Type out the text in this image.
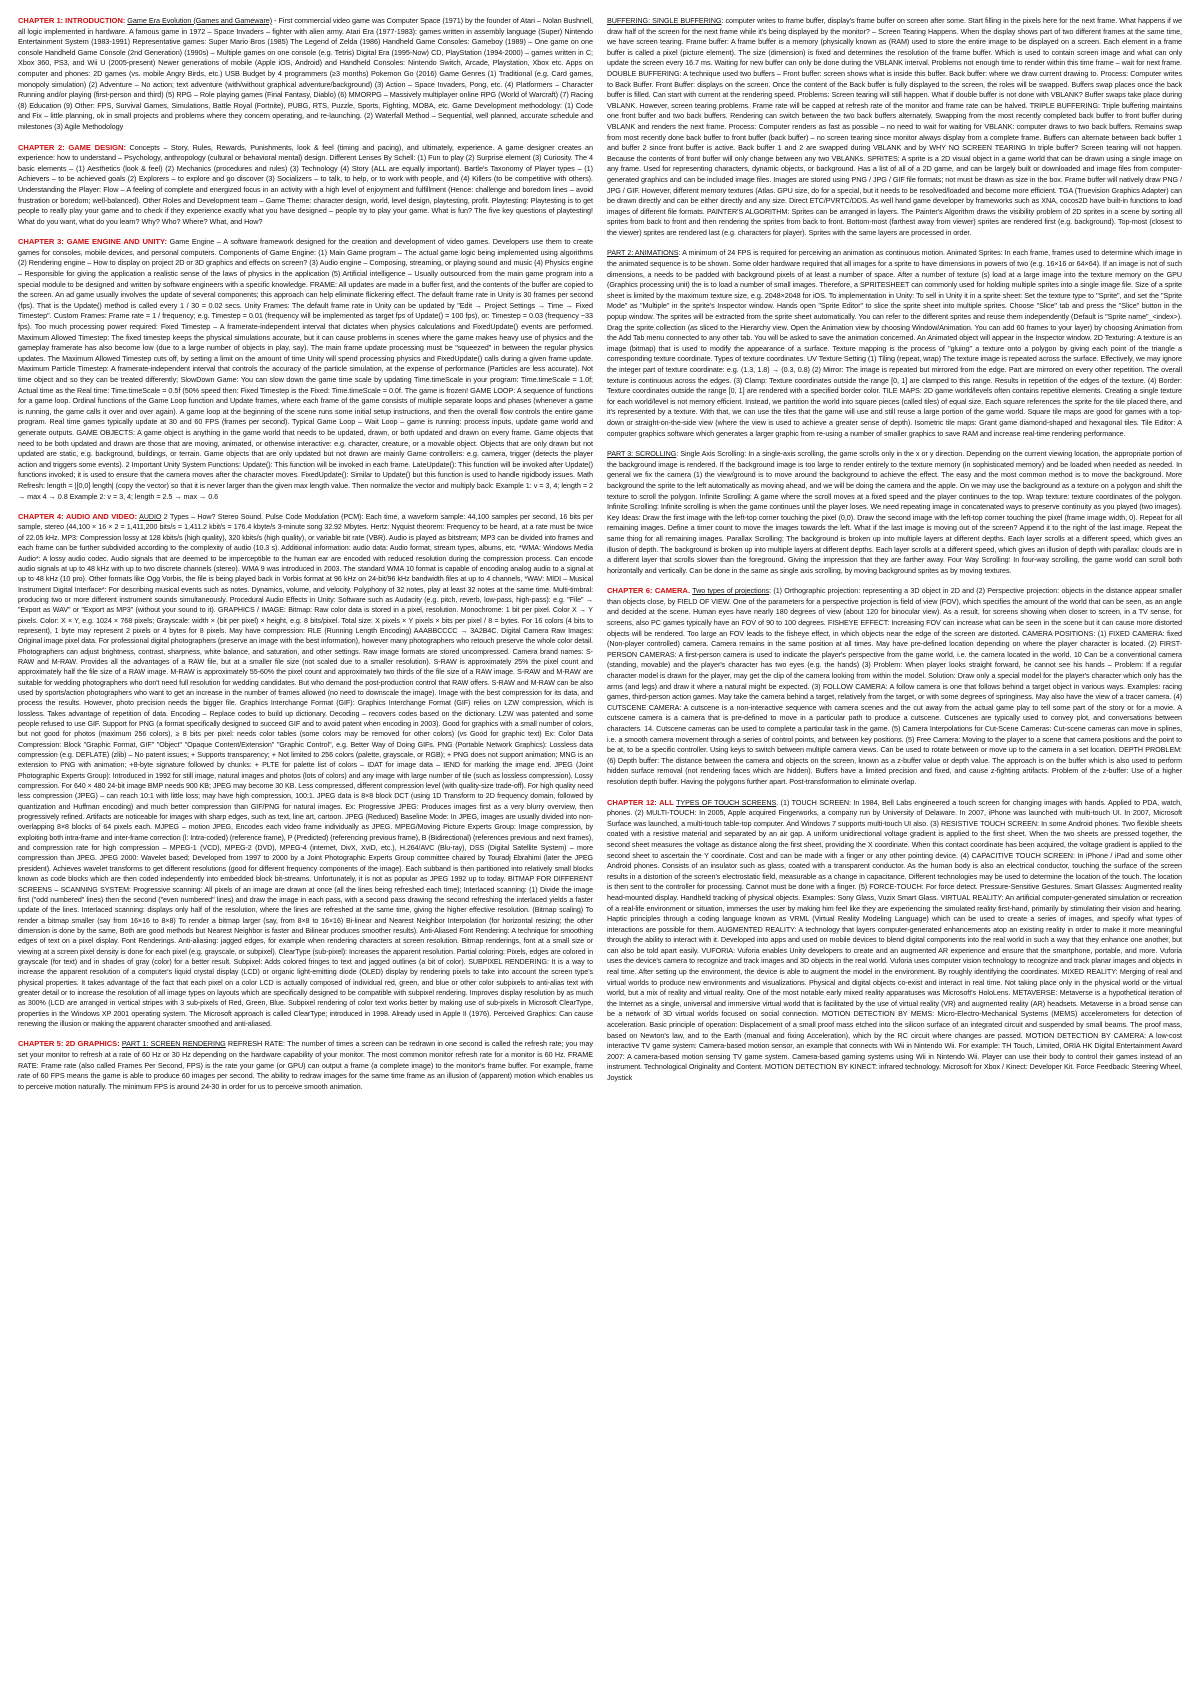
CHAPTER 1: INTRODUCTION: Game Era Evolution (Games and Gameware) - First commercial video game was Computer Space (1971) by the founder of Atari – Nolan Bushnell, all logic implemented in hardware. A famous game in 1972 – Space Invaders – fighter with alien army. Atari Era (1977-1983): games written in assembly language (Super) Nintendo Entertainment System (1983-1991) Representative games: Super Mario Bros (1985) The Legend of Zelda (1986) Handheld Game Consoles: Gameboy (1989) – One game on one console Handheld Game Console (2nd Generation) (1990s) – Multiple games on one console (e.g. Tetris) Digital Era (1995-Now) CD, PlayStation (1994-2000) – games written in C; Xbox 360, PS3, and Wii U (2005-present) Newer generations of mobile (Apple iOS, Android) and Handheld Consoles: Nintendo Switch, Arcade, Playstation, Xbox etc. Apps on computer and phones: 2D games (vs. mobile Angry Birds, etc.) USB Budget by 4 programmers (≥3 months) Pokemon Go (2016) Game Genres (1) Traditional (e.g. Card games, monopoly simulation) (2) Adventure – No action; text adventure (with/without graphical adventure/background) (3) Action – Space Invaders, Pong, etc. (4) Platformers – Character Running and/or playing (first-person and third) (5) RPG – Role playing games (Final Fantasy, Diablo) (6) MMORPG – Massively multiplayer online RPG (World of Warcraft) (7) Racing (8) Education (9) Other: FPS, Survival Games, Simulations, Battle Royal (Fortnite), PUBG, RTS, Puzzle, Sports, Fighting, MOBA, etc. Game Development methodology: (1) Code and Fix – little planning, ok in small projects and problems where they concern operating, and re-launching. (2) Waterfall Method – Sequential, well planned, accurate schedule and milestones (3) Agile Methodology

CHAPTER 2: GAME DESIGN: Concepts – Story, Rules, Rewards, Punishments, look & feel (timing and pacing), and ultimately, experience. A game designer creates an experience: how to understand – Psychology, anthropology (cultural or behavioral mental) design. Different Lenses By Schell: (1) Fun to play (2) Surprise element (3) Curiosity. The 4 basic elements – (1) Aesthetics (look & feel) (2) Mechanics (procedures and rules) (3) Technology (4) Story (ALL are equally important). Bartle's Taxonomy of Player types – (1) Achievers – to be achieved goals (2) Explorers – to explore and go discover (3) Socializers – to talk, to help, or to work with people, and (4) Killers (to be competitive with others). Understanding the Player: Flow – A feeling of complete and energized focus in an activity with a high level of enjoyment and fulfillment (Hence: challenge and boredom lines – avoid frustration or boredom; well-balanced). Other Roles and Development team – Game Theme: character design, world, level design, playtesting, profit. Playtesting: Playtesting is to get people to really play your game and to check if they experience exactly what you have designed – people try to play your game. What is fun? The five key questions of playtesting! What do you want, what do you learn? Why? Who? Where? What, and How?

CHAPTER 3: GAME ENGINE AND UNITY: Game Engine – A software framework designed for the creation and development of video games. Developers use them to create games for consoles, mobile devices, and personal computers. Components of Game Engine: (1) Main Game program – The actual game logic being implemented using algorithms (2) Rendering engine – How to display on project 2D or 3D graphics and effects on screen? (3) Audio engine – Composing, streaming, or playing sound and music (4) Physics engine – Responsible for giving the application a realistic sense of the laws of physics in the application (5) Artificial intelligence – Usually outsourced from the main game program into a special module to be designed and written by software engineers with a specific knowledge. FRAME: All updates are made in a buffer first, and the contents of the buffer are copied to the screen. An ad game usually involves the update of several components; this approach can help eliminate flickering effect. The default frame rate in Unity is 30 frames per second (fps). That is the Update() method is called every 1 / 30 = 0.02 secs. Unity Frames: The default frame rate in Unity can be updated by "Edit → Project Settings → Time → Fixed Timestep". Custom Frames: Frame rate = 1 / frequency; e.g. Timestep = 0.01 (frequency will be implemented as target fps of Update() = 100 fps), or: Timestep = 0.03 (frequency ~33 fps). Too much processing power required: Fixed Timestep – A framerate-independent interval that dictates when physics calculations and FixedUpdate() events are performed. Maximum Allowed Timestep: The fixed timestep keeps the physical simulations accurate, but it can cause problems in scenes where the game makes heavy use of physics and the gameplay framerate has also become low (due to a large number of objects in play, say). The main frame update processing must be "squeezed" in between the regular physics updates. The Maximum Allowed Timestep cuts off, by setting a limit on the amount of time Unity will spend processing physics and FixedUpdate() calls during a given frame update. Maximum Particle Timestep: A framerate-independent interval that controls the accuracy of the particle simulation, at the expense of performance (Particles are less accurate). Not time object and so they can be treated differently; SlowDown Game: You can slow down the game time scale by updating Time.timeScale in your program: Time.timeScale = 1.0f; Actual time as the Real time: Time.timeScale = 0.5f (50% speed then: Fixed Timestep is the Fixed: Time.timeScale = 0.0f. The game is frozen! GAME LOOP: A sequence of functions for a game loop. Ordinal functions of the Game Loop function and Update frames, where each frame of the game consists of multiple separate loops and phases (whenever a game is running, the game calls it over and over again). A game loop at the beginning of the scene runs some initial setup instructions, and then the overall flow controls the entire game program. Real time games typically update at 30 and 60 FPS (frames per second). Typical Game Loop – Wait Loop – game is running: process inputs, update game world and generate outputs. GAME OBJECTS: A game object is anything in the game world that needs to be updated, drawn, or both updated and drawn on every frame. Game objects that need to be both updated and drawn are those that are moving, animated, or otherwise interactive: e.g. character, creature, or a movable object. Objects that are only drawn but not updated are static, e.g. background, buildings, or terrain. Game objects that are only updated but not drawn are mainly Game controllers: e.g. camera, trigger (detects the player action and triggers some events). 2 Important Unity System Functions: Update(): This function will be invoked in each frame. LateUpdate(): This function will be invoked after Update() functions invoked; it is used to ensure that the camera moves after the character moves. FixedUpdate(): Similar to Update() but this function is used to handle rigidbody issues. Math Refresh: length = |[0,0] length| (copy the vector) so that it is never larger than the given max length value. Then normalize the vector and multiply back: Example 1: v = 3, 4; length = 2 → max 4 → 0.8 Example 2: v = 3, 4; length = 2.5 → max → 0.6

CHAPTER 4: AUDIO AND VIDEO: AUDIO 2 Types – How? Stereo Sound. Pulse Code Modulation (PCM): Each time, a waveform sample: 44,100 samples per second, 16 bits per sample, stereo (44,100 × 16 × 2 = 1,411,200 bits/s = 1,411.2 kbit/s = 176.4 kbyte/s 3-minute song 32.92 Mbytes. Hertz: Nyquist theorem: Frequency to be heard, at a rate must be twice of 22.05 kHz. MP3: Compression lossy at 128 kbits/s (high quality), 320 kbits/s (high quality), or variable bit rate (VBR). Audio is played as bitstream; MP3 can be divided into frames and each frame can be further subdivided according to the complexity of audio (10.3 s). Additional information: audio data: Audio format, stream types, albums, etc. *WMA: Windows Media Audio*: A lossy audio codec. Audio signals that are deemed to be imperceptible to the human ear are encoded with reduced resolution during the compression process. Can encode audio signals at up to 48 kHz with up to two discrete channels (stereo). WMA 9 was introduced in 2003. The standard WMA 10 format is capable of encoding analog audio to a signal at up to 48 kHz (10 pro). Other formats like Ogg Vorbis, the file is being played back in Vorbis format at 96 kHz on 24-bit/96 kHz bandwidth files at up to 4 channels, *WAV: MIDI – Musical Instrument Digital Interface*: For describing musical events such as notes. Dynamics, volume, and velocity. Polyphony of 32 notes, play at least 32 notes at the same time. Multi-timbral: producing two or more different instrument sounds simultaneously. Procedural Audio Effects in Unity: Software such as Audacity (e.g. pitch, reverb, low-pass, high-pass): e.g. "File" → "Export as WAV" or "Export as MP3" (without your sound to it). GRAPHICS / IMAGE: Bitmap: Raw color data is stored in a pixel, resolution. Monochrome: 1 bit per pixel. Color X → Y pixels. Color: X × Y, e.g. 1024 × 768 pixels; Grayscale: width × (bit per pixel) × height, e.g. 8 bits/pixel. Total size: X pixels × Y pixels × bits per pixel / 8 = bytes. For 16 colors (4 bits to represent), 1 byte may represent 2 pixels or 4 bytes for 8 pixels. May have compression: RLE (Running Length Encoding) AAABBCCCC → 3A2B4C. Digital Camera Raw Images: Original image pixel data. For professional digital photographers (preserve an image with the best information), however many photographers who retouch preserve the whole color detail. Photographers can adjust brightness, contrast, sharpness, white balance, and saturation, and other settings. Raw image formats are stored uncompressed. Camera brand names: S-RAW and M-RAW. Provides all the advantages of a RAW file, but at a smaller file size (not scaled due to a smaller resolution). S-RAW is approximately 25% the pixel count and approximately half the file size of a RAW image. M-RAW is approximately 55-60% the pixel count and approximately two thirds of the file size of a RAW image. S-RAW and M-RAW are suitable for wedding photographers who don't need full resolution for wedding candidates. But who demand the post-production control that RAW offers. S-RAW and M-RAW can be also used by sports/action photographers who want to get an increase in the number of frames allowed (no need to downscale the image). Image with the best compression for its data, and process the results. However, photo precision needs the bigger file. Graphics Interchange Format (GIF): Graphics Interchange Format (GIF) relies on LZW compression, which is lossless. Takes advantage of repetition of data. Encoding – Replace codes to build up dictionary. Decoding – recovers codes based on the dictionary. LZW was patented and some people refused to use GIF. Support for PNG (a format specifically designed to succeed GIF and to avoid patent when encoding in 2003). Good for graphics with a small number of colors, but not good for photos (maximum 256 colors), ≥ 8 bits per pixel: needs color tables (some colors may be removed for other colors) (vs Good for graphic text) Ex: Color Data Compression: Block "Graphic Format, GIF" "Object" "Opaque Content/Extension" "Graphic Control", e.g. Better Way of Doing GIFs. PNG (Portable Network Graphics): Lossless data compression (e.g. DEFLATE) (zlib) – No patent issues; + Supports transparency; + Not limited to 256 colors (palette, grayscale, or RGB); + PNG does not support animation; MNG is an extension to PNG with animation; +8-byte signature followed by chunks: + PLTE for palette list of colors – IDAT for image data – IEND for marking the image end. JPEG (Joint Photographic Experts Group): Introduced in 1992 for still image, natural images and photos (lots of colors) and any image with large number of tile (such as lossless compression). Lossy compression. For 640 × 480 24-bit image BMP needs 900 KB; JPEG may become 30 KB. Less compressed, different compression level (with quality-size trade-off). For high quality need less compression (JPEG) – can reach 10:1 with little loss; may have high compression, 100:1. JPEG data is 8×8 block DCT (using 1D Transform to 2D frequency domain, followed by quantization and Huffman encoding) and much better compression than GIF/PNG for natural images. Ex: Progressive JPEG: Produces images first as a very blurry overview, then progressively refined. Artifacts are noticeable for images with sharp edges, such as text, line art, cartoon. JPEG (Reduced) Baseline Mode: In JPEG, images are usually divided into non-overlapping 8×8 blocks of 64 pixels each. MJPEG – motion JPEG, Encodes each video frame individually as JPEG. MPEG/Moving Picture Experts Group: Image compression, by exploiting both intra-frame and inter-frame correction (l: Intra-coded) (reference frame), P (Predicted) (referencing previous frame), B (Bidirectional) (references previous and next frames), and compression rate for high compression – MPEG-1 (VCD), MPEG-2 (DVD), MPEG-4 (internet, DivX, XviD, etc.), H.264/AVC (Blu-ray), DSS (Digital Satellite System) – more compression than JPEG. JPEG 2000: Wavelet based; Developed from 1997 to 2000 by a Joint Photographic Experts Group committee chaired by Touradj Ebrahimi (later the JPEG president). Achieves wavelet transforms to get different resolutions (good for different frequency components of the image). Each subband is then partitioned into relatively small blocks known as code blocks which are then coded independently into embedded block bit-streams. Unfortunately, it is not as popular as JPEG 1992 up to today. BITMAP FOR DIFFERENT SCREENS – SCANNING SYSTEM: Progressive scanning: All pixels of an image are drawn at once (all the lines being refreshed each time); Interlaced scanning: (1) Divide the image first ("odd numbered" lines) then the second ("even numbered" lines) and draw the image in each pass, with a second pass drawing the second refreshing the interlaced yields a faster update of the lines. Interlaced scanning: displays only half of the resolution, where the lines are refreshed at the same time, giving the higher effective resolution. (Bitmap scaling) To render a bitmap smaller (say from 16×16 to 8×8) To render a bitmap larger (say, from 8×8 to 16×16) Bi-linear and Nearest Neighbor Interpolation (for horizontal resizing; the other dimension is done by the same, Both are good methods but Nearest Neighbor is faster and Bilinear produces smoother results). Anti-Aliased Font Rendering: A technique for smoothing edges of text on a pixel display. Font Renderings. Anti-aliasing: jagged edges, for example when rendering characters at screen resolution. Bitmap renderings, font at a small size or viewing at a screen pixel density is done for each pixel (e.g. grayscale, or subpixel). ClearType (sub-pixel): Increases the apparent resolution. Partial coloring: Pixels, edges are colored in grayscale (for text) and in shades of gray (color) for a better result. Subpixel: Adds colored fringes to text and jagged outlines (a bit of color). SUBPIXEL RENDERING: It is a way to increase the apparent resolution of a computer's liquid crystal display (LCD) or organic light-emitting diode (OLED) display by rendering pixels to take into account the screen type's physical properties. It takes advantage of the fact that each pixel on a color LCD is actually composed of individual red, green, and blue or other color subpixels to anti-alias text with greater detail or to increase the resolution of all image types on layouts which are specifically designed to be compatible with subpixel rendering. Improves display resolution by as much as 300% (LCD are arranged in vertical stripes with 3 sub-pixels of Red, Green, Blue. Subpixel rendering of color text works better by making use of sub-pixels in Microsoft ClearType, properties in the Windows XP 2001 operating system. The Microsoft approach is called ClearType; introduced in 1998. Already used in Apple II (1976). Perceived Graphics: Can cause renewing the illusion or making the apparent character smoothed and anti-aliased.

CHAPTER 5: 2D GRAPHICS: PART 1: SCREEN RENDERING REFRESH RATE: The number of times a screen can be redrawn in one second is called the refresh rate; you may set your monitor to refresh at a rate of 60 Hz or 30 Hz depending on the hardware capability of your monitor. The most common monitor refresh rate for a monitor is 60 Hz. FRAME RATE: Frame rate (also called Frames Per Second, FPS) is the rate your game (or GPU) can output a frame (a complete image) to the monitor's frame buffer. For example, frame rate of 60 FPS means the game is able to produce 60 images per second. The ability to redraw images for the same time frame as an illusion of (apparent) motion which enables us to perceive motion naturally. The minimum FPS is around 24-30 in order for us to perceive smooth animation.

BUFFERING: SINGLE BUFFERING: computer writes to frame buffer, display's frame buffer on screen after some. Start filling in the pixels here for the next frame. What happens if we draw half of the screen for the next frame while it's being displayed by the monitor? – Screen Tearing Happens. When the display shows part of two different frames at the same time, we have screen tearing. Frame buffer: A frame buffer is a memory (physically known as (RAM) used to store the entire image to be displayed on a screen. Each element in a frame buffer is called a pixel (picture element). The size (dimension) is fixed and determines the resolution of the frame buffer. Which is used to contain screen image and what can only update the screen every 16.7 ms. Waiting for new buffer can only be done during the VBLANK interval. Problems not enough time to render within this time frame – wait for next frame. DOUBLE BUFFERING: A technique used two buffers – Front buffer: screen shows what is inside this buffer. Back buffer: where we draw current drawing to. Process: Computer writes to Back Buffer. Front Buffer: displays on the screen. Once the content of the Back buffer is fully displayed to the screen, the roles will be swapped. Buffers swap places once the back buffer is filled. Can start with current at the rendering speed. Problems: Screen tearing will still happen. What if double buffer is not done with VBLANK? Buffer swaps take place during VBLANK. However, screen tearing problems. Frame rate will be capped at refresh rate of the monitor and frame rate can be halved. TRIPLE BUFFERING: Triple buffering maintains one front buffer and two back buffers. Rendering can switch between the two back buffers alternately. Swapping from the most recently completed back buffer to front buffer during VBLANK and renders the next frame. Process: Computer renders as fast as possible – no need to wait for waiting for VBLANK: computer draws to two back buffers. Remains swap from most recently done back buffer to front buffer (back buffer) – no screen tearing since monitor always display from a complete frame. Buffers can alternate between back buffer 1 and buffer 2 since front buffer is active. Back buffer 1 and 2 are swapped during VBLANK and by WHY NO SCREEN TEARING In triple buffer? Screen tearing will not happen. Because the contents of front buffer will only change between any two VBLANKs. SPRITES: A sprite is a 2D visual object in a game world that can be drawn using a single image on any frame. Used for representing characters, dynamic objects, or background. Has a list of all of a 2D game, and can be largely built or downloaded and image files from computer-generated graphics and can be included image files. Images are stored using PNG / JPG / GIF file formats; not must be drawn as size in the box. Frame buffer will natively draw PNG / JPG / GIF. However, different memory textures (Atlas. GPU size, do for a special, but it needs to be resolved/loaded and become more efficient. TGA (Truevision Graphics Adapter) can be drawn directly and can be either directly and any size. Direct ETC/PVRTC/DDS. As well hand game developer by frameworks such as XNA, cocos2D have built-in functions to load images of different file formats. PAINTER'S ALGORITHM: Sprites can be arranged in layers. The Painter's Algorithm draws the visibility problem of 2D sprites in a scene by sorting all sprites from back to front and then rendering the sprites from back to front. Bottom-most (farthest away from viewer) sprites are rendered first (e.g. background). Top-most (closest to the viewer) sprites are rendered last (e.g. characters for player). Sprites with the same layers are processed in order.

PART 2: ANIMATIONS: A minimum of 24 FPS is required for perceiving an animation as continuous motion. Animated Sprites: In each frame, frames used to determine which image in the animated sequence is to be shown. Some older hardware required that all images for a sprite to have dimensions in powers of two (e.g. 16×16 or 64×64). If an image is not of such dimensions, a needs to be padded with background pixels of at least a number of space. After a number of texture (s) load at a large image into the texture memory on the GPU (Graphics processing unit) the is to load a number of small images. Therefore, a SPRITESHEET can commonly used for holding multiple sprites into a single image file. Size of a sprite sheet is limited by the maximum texture size, e.g. 2048×2048 for iOS. To implementation in Unity: To sell in Unity it in a sprite sheet: Set the texture type to "Sprite", and set the "Sprite Mode" as "Multiple" in the sprite's Inspector window. Hands open "Sprite Editor" to slice the sprite sheet into multiple sprites. Choose "Slice" tab and press the "Slice" button in the popup window. The sprites will be extracted from the sprite sheet automatically. You can refer to the different sprites and reuse them independently (Default is "Sprite name"_<index>). Drag the sprite collection (as sliced to the Hierarchy view. Open the Animation view by choosing Window/Animation. You can add 60 frames to your layer) by choosing Animation from the Add Tab menu connected to any other tab. You will be asked to save the animation concerned. An Animated object will appear in the Inspector window. 2D Texturing: A texture is an image (bitmap) that is used to modify the appearance of a surface. Texture mapping is the process of "gluing" a texture onto a polygon by giving each point of the triangle a corresponding texture coordinate. Types of texture coordinates. UV Texture Setting (1) Tiling (repeat, wrap) The texture image is repeated across the surface. Effectively, we may ignore the integer part of texture coordinate: e.g. (1.3, 1.8) → (0.3, 0.8) (2) Mirror: The image is repeated but mirrored from the edge. Part are mirrored on every other repetition. The overall texture is continuous across the edges. (3) Clamp: Texture coordinates outside the range [0, 1] are clamped to this range. Results in repetition of the edges of the texture. (4) Border: Texture coordinates outside the range [0, 1] are rendered with a specified border color. TILE MAPS: 2D game world/levels often contains repetitive elements. Creating a single texture for each world/level is not memory efficient. Instead, we partition the world into square pieces (called tiles) of equal size. Each square references the sprite for the tile placed there, and it's represented by a texture. With that, we can use the tiles that the game will use and still reuse a large portion of the game world. Square tile maps are good for games with a top-down or straight-on-the-side view (where the view is used to achieve a greater sense of depth). Isometric tile maps: Grant game diamond-shaped and hexagonal tiles. Tile Editor: A computer graphics software which generates a larger graphic from re-using a number of smaller graphics to save RAM and increase real-time rendering performance.

PART 3: SCROLLING: Single Axis Scrolling: In a single-axis scrolling, the game scrolls only in the x or y direction. Depending on the current viewing location, the appropriate portion of the background image is rendered. If the background image is too large to render entirely to the texture memory (in sophisticated memory) and be loaded when needed as needed. In general we fix the camera (1) the view/ground is to move around the background to achieve the effect. The easy and the most common method is to move the background. More background the sprite to the left automatically as moving ahead, and we will be doing the camera and the apple. On we may use the background as a texture on a polygon and shift the texture to scroll the polygon. Infinite Scrolling: A game where the scroll moves at a fixed speed and the player continues to the top. Wrap texture: texture coordinates of the polygon. Infinite Scrolling: Infinite scrolling is when the game continues until the player loses. We need repeating image in concatenated ways to preserve continuity as you played (two images). Key Ideas: Draw the first image with the left-top corner touching the pixel (0,0). Draw the second image with the left-top corner touching the pixel (frame image width, 0). Repeat for all remaining images. Define a timer count to move the images towards the left. What if the last image is moving out of the screen? Append it to the right of the last image. Repeat the same thing for all remaining images. Parallax Scrolling: The background is broken up into multiple layers at different depths. Each layer scrolls at a different speed, which gives an illusion of depth. The background is broken up into multiple layers at different depths. Each layer scrolls at a different speed, which gives an illusion of depth with parallax: clouds are in a different layer that scrolls slower than the foreground. Giving the impression that they are farther away. Four Way Scrolling: In four-way scrolling, the game world can scroll both horizontally and vertically. Can be done in the same as single axis scrolling, by moving background sprites as by moving textures.

CHAPTER 6: CAMERA. Two types of projections: (1) Orthographic projection: representing a 3D object in 2D and (2) Perspective projection: objects in the distance appear smaller than objects close, by FIELD OF VIEW. One of the parameters for a perspective projection is field of view (FOV), which specifies the amount of the world that can be seen, as an angle and decided at the scene. Human eyes have nearly 180 degrees of view (about 120 for binocular view). As a result, for screens showing when closer to screen, in a TV sense, for screens, also PC games typically have an FOV of 90 to 100 degrees. FISHEYE EFFECT: Increasing FOV can increase what can be seen in the scene but it can cause more distorted objects will be rendered. Too large an FOV leads to the fisheye effect, in which objects near the edge of the screen are distorted. CAMERA POSITIONS: (1) FIXED CAMERA: fixed (Non-player controlled) camera. Camera remains in the same position at all times. May have pre-defined location depending on where the player character is located. (2) FIRST-PERSON CAMERAS: A first-person camera is used to indicate the player's perspective from the game world, i.e. the camera located in the world. 10 Can be a conventional camera (standing, movable) and the player's character has two eyes (e.g. the hands) (3) Problem: When player looks straight forward, he cannot see his hands – Problem: If a regular character model is drawn for the player, may get the clip of the camera looking from within the model. Solution: Draw only a special model for the player's character which only has the arms (and legs) and draw it where a natural might be expected. (3) FOLLOW CAMERA: A follow camera is one that follows behind a target object in various ways. Examples: racing games, third-person action games. May take the camera behind a target, relatively from the target, or with some degrees of springiness. May also have the view of a tracer camera. (4) CUTSCENE CAMERA: A cutscene is a non-interactive sequence with camera scenes and the cut away from the actual game play to tell some part of the story or for a movie. A cutscene camera is a camera that is pre-defined to move in a particular path to produce a cutscene. Cutscenes are typically used to convey plot, and conversations between characters. 14. Cutscene cameras can be used to complete a particular task in the game. (5) Camera Interpolations for Cut-Scene Cameras: Cut-scene cameras can move in splines, i.e. a smooth camera movement through a series of control points, and between key positions. (5) Free Camera: Moving to the player to a scene that camera positions and the point to be at, to be a specific controller. Using keys to switch between multiple camera views. Can be used to rotate between or move up to the camera in a set location. DEPTH PROBLEM: (6) Depth buffer: The distance between the camera and objects on the screen, known as a z-buffer value or depth value. The approach is on the buffer which is also used to perform hidden surface removal (not rendering faces which are hidden). Buffers have a limited precision and fixed, and cause z-fighting artifacts. Problem of the z-buffer: Use of a higher resolution depth buffer. Having the polygons further apart. Post-transformation to eliminate overlap.

CHAPTER 12: ALL TYPES OF TOUCH SCREENS. (1) TOUCH SCREEN: In 1984, Bell Labs engineered a touch screen for changing images with hands. Applied to PDA, watch, phones. (2) MULTI-TOUCH: In 2005, Apple acquired Fingerworks, a company run by University of Delaware. In 2007, iPhone was launched with multi-touch UI. In 2007, Microsoft Surface was launched, a multi-touch table-top computer. And Windows 7 supports multi-touch UI also. (3) RESISTIVE TOUCH SCREEN: In some Android phones. Two flexible sheets coated with a resistive material and separated by an air gap. A uniform unidirectional voltage gradient is applied to the first sheet. When the two sheets are pressed together, the second sheet measures the voltage as distance along the first sheet, providing the X coordinate. When this contact coordinate has been acquired, the voltage gradient is applied to the second sheet to ascertain the Y coordinate. Cost and can be made with a finger or any other pointing device. (4) CAPACITIVE TOUCH SCREEN: In iPhone / iPad and some other Android phones. Consists of an insulator such as glass, coated with a transparent conductor. As the human body is also an electrical conductor, touching the surface of the screen results in a distortion of the screen's electrostatic field, measurable as a change in capacitance. Different technologies may be used to determine the location of the touch. The location is then sent to the controller for processing. Cannot must be done with a finger. (5) FORCE-TOUCH: For force detect. Pressure-Sensitive Gestures. Smart Glasses: Augmented reality head-mounted display. Handheld tracking of physical objects. Examples: Sony Glass, Vuzix Smart Glass. VIRTUAL REALITY: An artificial computer-generated simulation or recreation of a real-life environment or situation, immerses the user by making him feel like they are experiencing the simulated reality first-hand, primarily by stimulating their vision and hearing. Haptic principles through a coding language known as VRML (Virtual Reality Modeling Language) which can be used to create a series of images, and specify what types of interactions are possible for them. AUGMENTED REALITY: A technology that layers computer-generated enhancements atop an existing reality in order to make it more meaningful through the ability to interact with it. Developed into apps and used on mobile devices to blend digital components into the real world in such a way that they enhance one another, but can also be told apart easily. VUFORIA: Vuforia enables Unity developers to create and an augmented AR experience and ensure that the smartphone, portable, and more. Vuforia uses the device's camera to recognize and track images and 3D objects in the real world. Vuforia uses computer vision technology to recognize and track planar images and objects in real time. After setting up the environment, the device is able to augment the model in the environment. By roughly identifying the coordinates. MIXED REALITY: Merging of real and virtual worlds to produce new environments and visualizations. Physical and digital objects co-exist and interact in real time. Not taking place only in the physical world or the virtual world, but a mix of reality and virtual reality. One of the most notable early mixed reality apparatuses was Microsoft's HoloLens. METAVERSE: Metaverse is a hypothetical iteration of the Internet as a single, universal and immersive virtual world that is facilitated by the use of virtual reality (VR) and augmented reality (AR) headsets. Metaverse in a broad sense can be a network of 3D virtual worlds focused on social connection. MOTION DETECTION BY MEMS: Micro-Electro-Mechanical Systems (MEMS) accelerometers for detection of acceleration. Basic principle of operation: Displacement of a small proof mass etched into the silicon surface of an integrated circuit and suspended by small beams. The proof mass, based on Newton's law, and to the Earth (manual and fixing Acceleration), which by the RC circuit where changes are passed. MOTION DETECTION BY CAMERA: A low-cost interactive TV game system: Camera-based motion sensor, an example that connects with Wii in Nintendo Wii. For example: TH Touch, Limited, ORIA HK Digital Entertainment Award 2007: A camera-based motion sensing TV game system. Camera-based gaming systems using Wii in Nintendo Wii. Player can use their body to control their games instead of an instrument. Technological Originality and Content. MOTION DETECTION BY KINECT: infrared technology. Microsoft for Xbox / Kinect: Developer Kit. Force Feedback: Steering Wheel, Joystick
